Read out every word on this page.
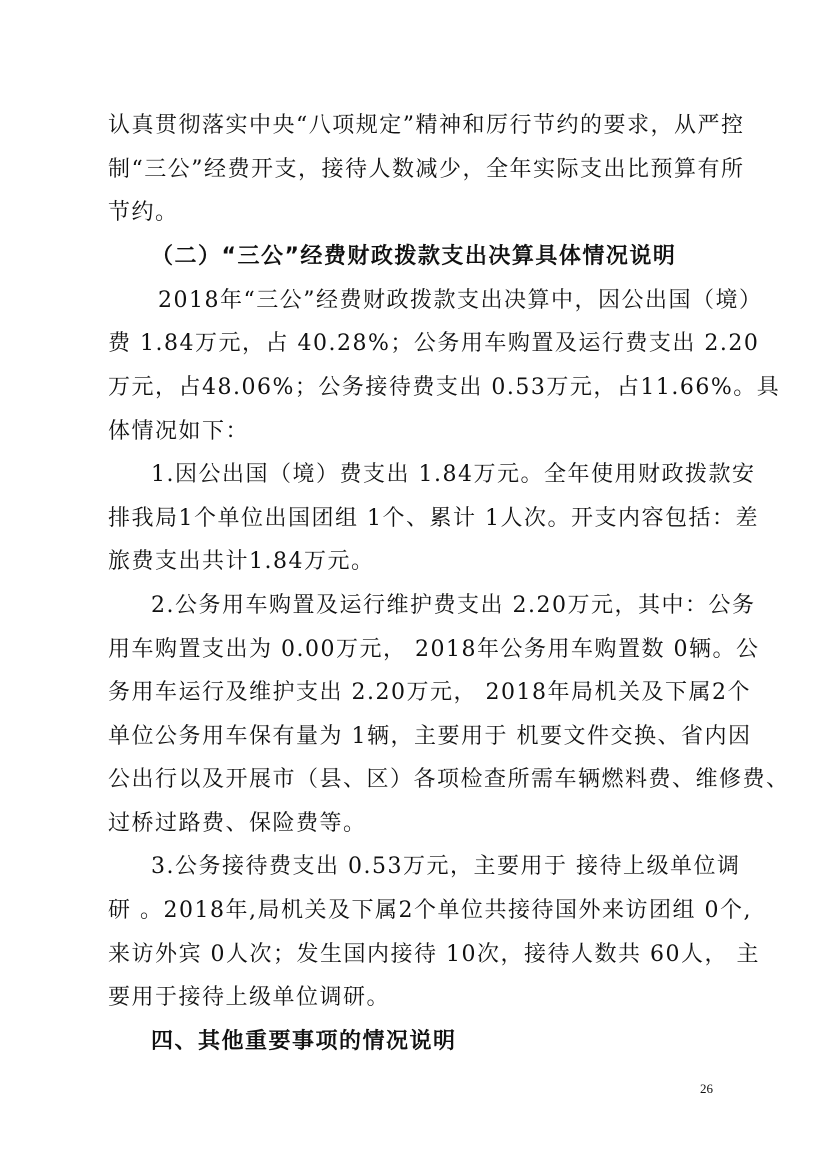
认真贯彻落实中央“八项规定”精神和厉行节约的要求，从严控
制“三公”经费开支，接待人数减少，全年实际支出比预算有所
节约。
（二）“三公”经费财政拨款支出决算具体情况说明
2018年“三公”经费财政拨款支出决算中，因公出国（境）
费 1.84万元，占 40.28%；公务用车购置及运行费支出 2.20
万元，占48.06%；公务接待费支出 0.53万元，占11.66%。具
体情况如下：
1.因公出国（境）费支出 1.84万元。全年使用财政拨款安
排我局1个单位出国团组 1个、累计 1人次。开支内容包括：差
旅费支出共计1.84万元。
2.公务用车购置及运行维护费支出 2.20万元，其中：公务
用车购置支出为 0.00万元， 2018年公务用车购置数 0辆。公
务用车运行及维护支出 2.20万元， 2018年局机关及下属2个
单位公务用车保有量为 1辆，主要用于 机要文件交换、省内因
公出行以及开展市（县、区）各项检查所需车辆燃料费、维修费、
过桥过路费、保险费等。
3.公务接待费支出 0.53万元，主要用于 接待上级单位调
研 。2018年,局机关及下属2个单位共接待国外来访团组 0个,
来访外宾 0人次；发生国内接待 10次，接待人数共 60人， 主
要用于接待上级单位调研。
四、其他重要事项的情况说明
26
